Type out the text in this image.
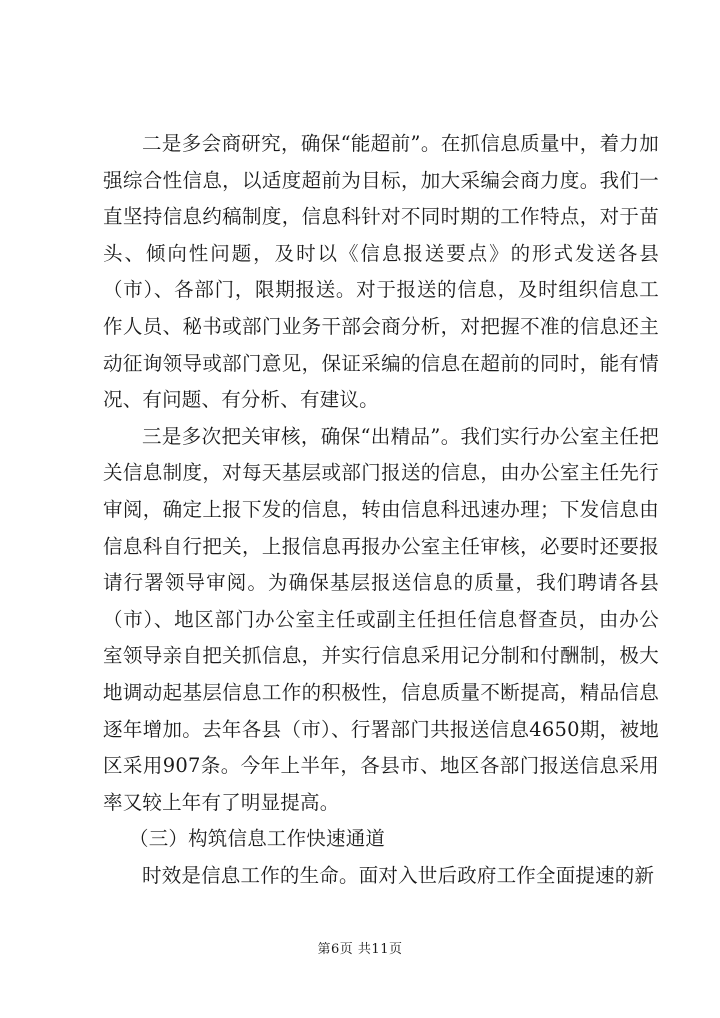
二是多会商研究，确保“能超前”。在抓信息质量中，着力加强综合性信息，以适度超前为目标，加大采编会商力度。我们一直坚持信息约稿制度，信息科针对不同时期的工作特点，对于苗头、倾向性问题，及时以《信息报送要点》的形式发送各县（市）、各部门，限期报送。对于报送的信息，及时组织信息工作人员、秘书或部门业务干部会商分析，对把握不准的信息还主动征询领导或部门意见，保证采编的信息在超前的同时，能有情况、有问题、有分析、有建议。

三是多次把关审核，确保“出精品”。我们实行办公室主任把关信息制度，对每天基层或部门报送的信息，由办公室主任先行审阅，确定上报下发的信息，转由信息科迅速办理；下发信息由信息科自行把关，上报信息再报办公室主任审核，必要时还要报请行署领导审阅。为确保基层报送信息的质量，我们聘请各县（市）、地区部门办公室主任或副主任担任信息督查员，由办公室领导亲自把关抓信息，并实行信息采用记分制和付酬制，极大地调动起基层信息工作的积极性，信息质量不断提高，精品信息逐年增加。去年各县（市）、行署部门共报送信息4650期，被地区采用907条。今年上半年，各县市、地区各部门报送信息采用率又较上年有了明显提高。

（三）构筑信息工作快速通道

时效是信息工作的生命。面对入世后政府工作全面提速的新

第6页 共11页
